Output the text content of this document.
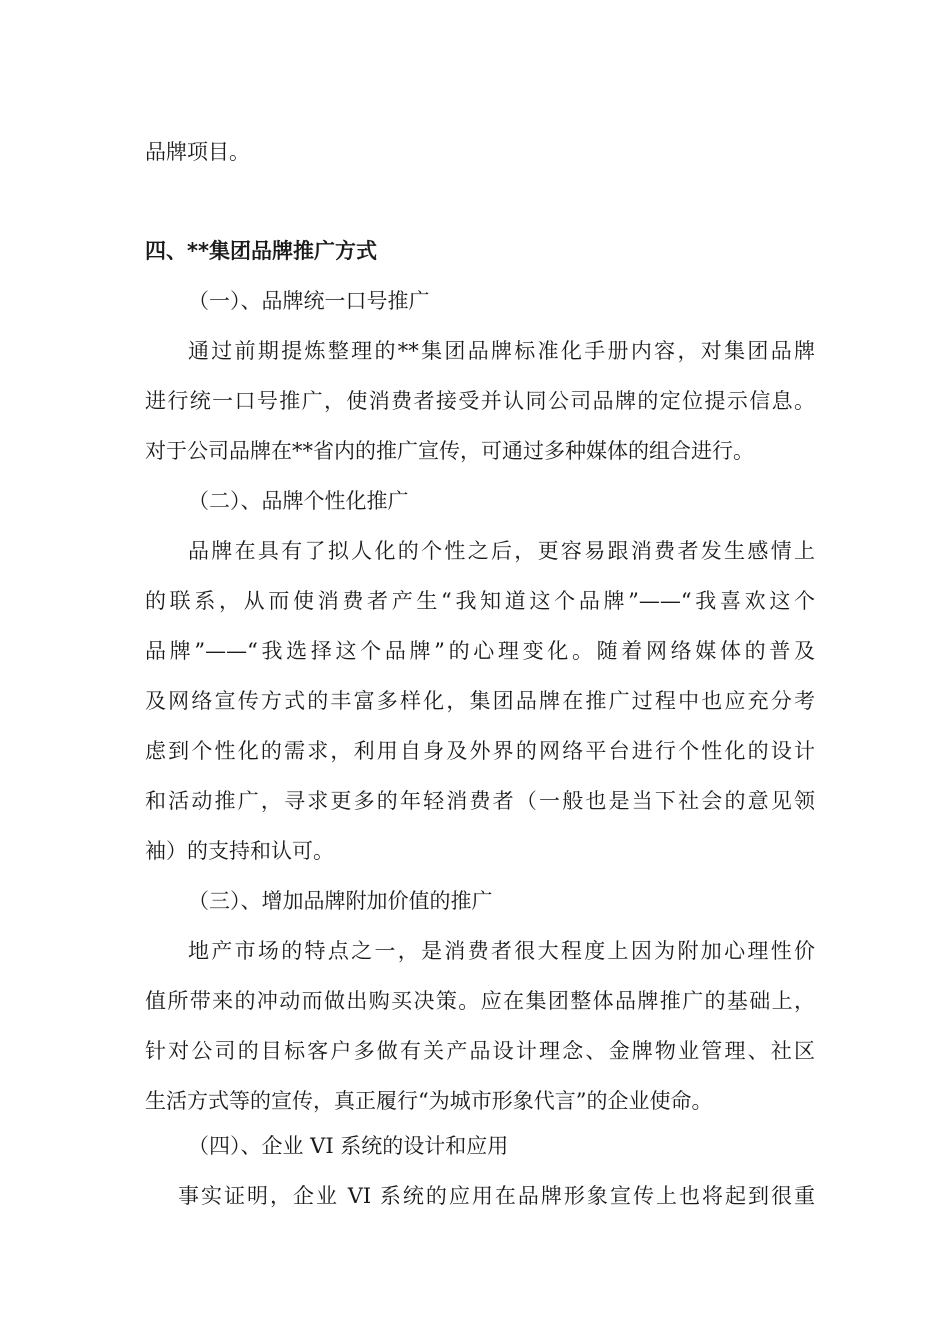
品牌项目。
四、**集团品牌推广方式
（一）、品牌统一口号推广
通过前期提炼整理的**集团品牌标准化手册内容，对集团品牌
进行统一口号推广，使消费者接受并认同公司品牌的定位提示信息。
对于公司品牌在**省内的推广宣传，可通过多种媒体的组合进行。
（二）、品牌个性化推广
品牌在具有了拟人化的个性之后，更容易跟消费者发生感情上
的联系，从而使消费者产生“我知道这个品牌”——“我喜欢这个
品牌”——“我选择这个品牌”的心理变化。随着网络媒体的普及
及网络宣传方式的丰富多样化，集团品牌在推广过程中也应充分考
虑到个性化的需求，利用自身及外界的网络平台进行个性化的设计
和活动推广，寻求更多的年轻消费者（一般也是当下社会的意见领
袖）的支持和认可。
（三）、增加品牌附加价值的推广
地产市场的特点之一，是消费者很大程度上因为附加心理性价
值所带来的冲动而做出购买决策。应在集团整体品牌推广的基础上，
针对公司的目标客户多做有关产品设计理念、金牌物业管理、社区
生活方式等的宣传，真正履行“为城市形象代言”的企业使命。
（四）、企业 VI 系统的设计和应用
事实证明，企业 VI 系统的应用在品牌形象宣传上也将起到很重
